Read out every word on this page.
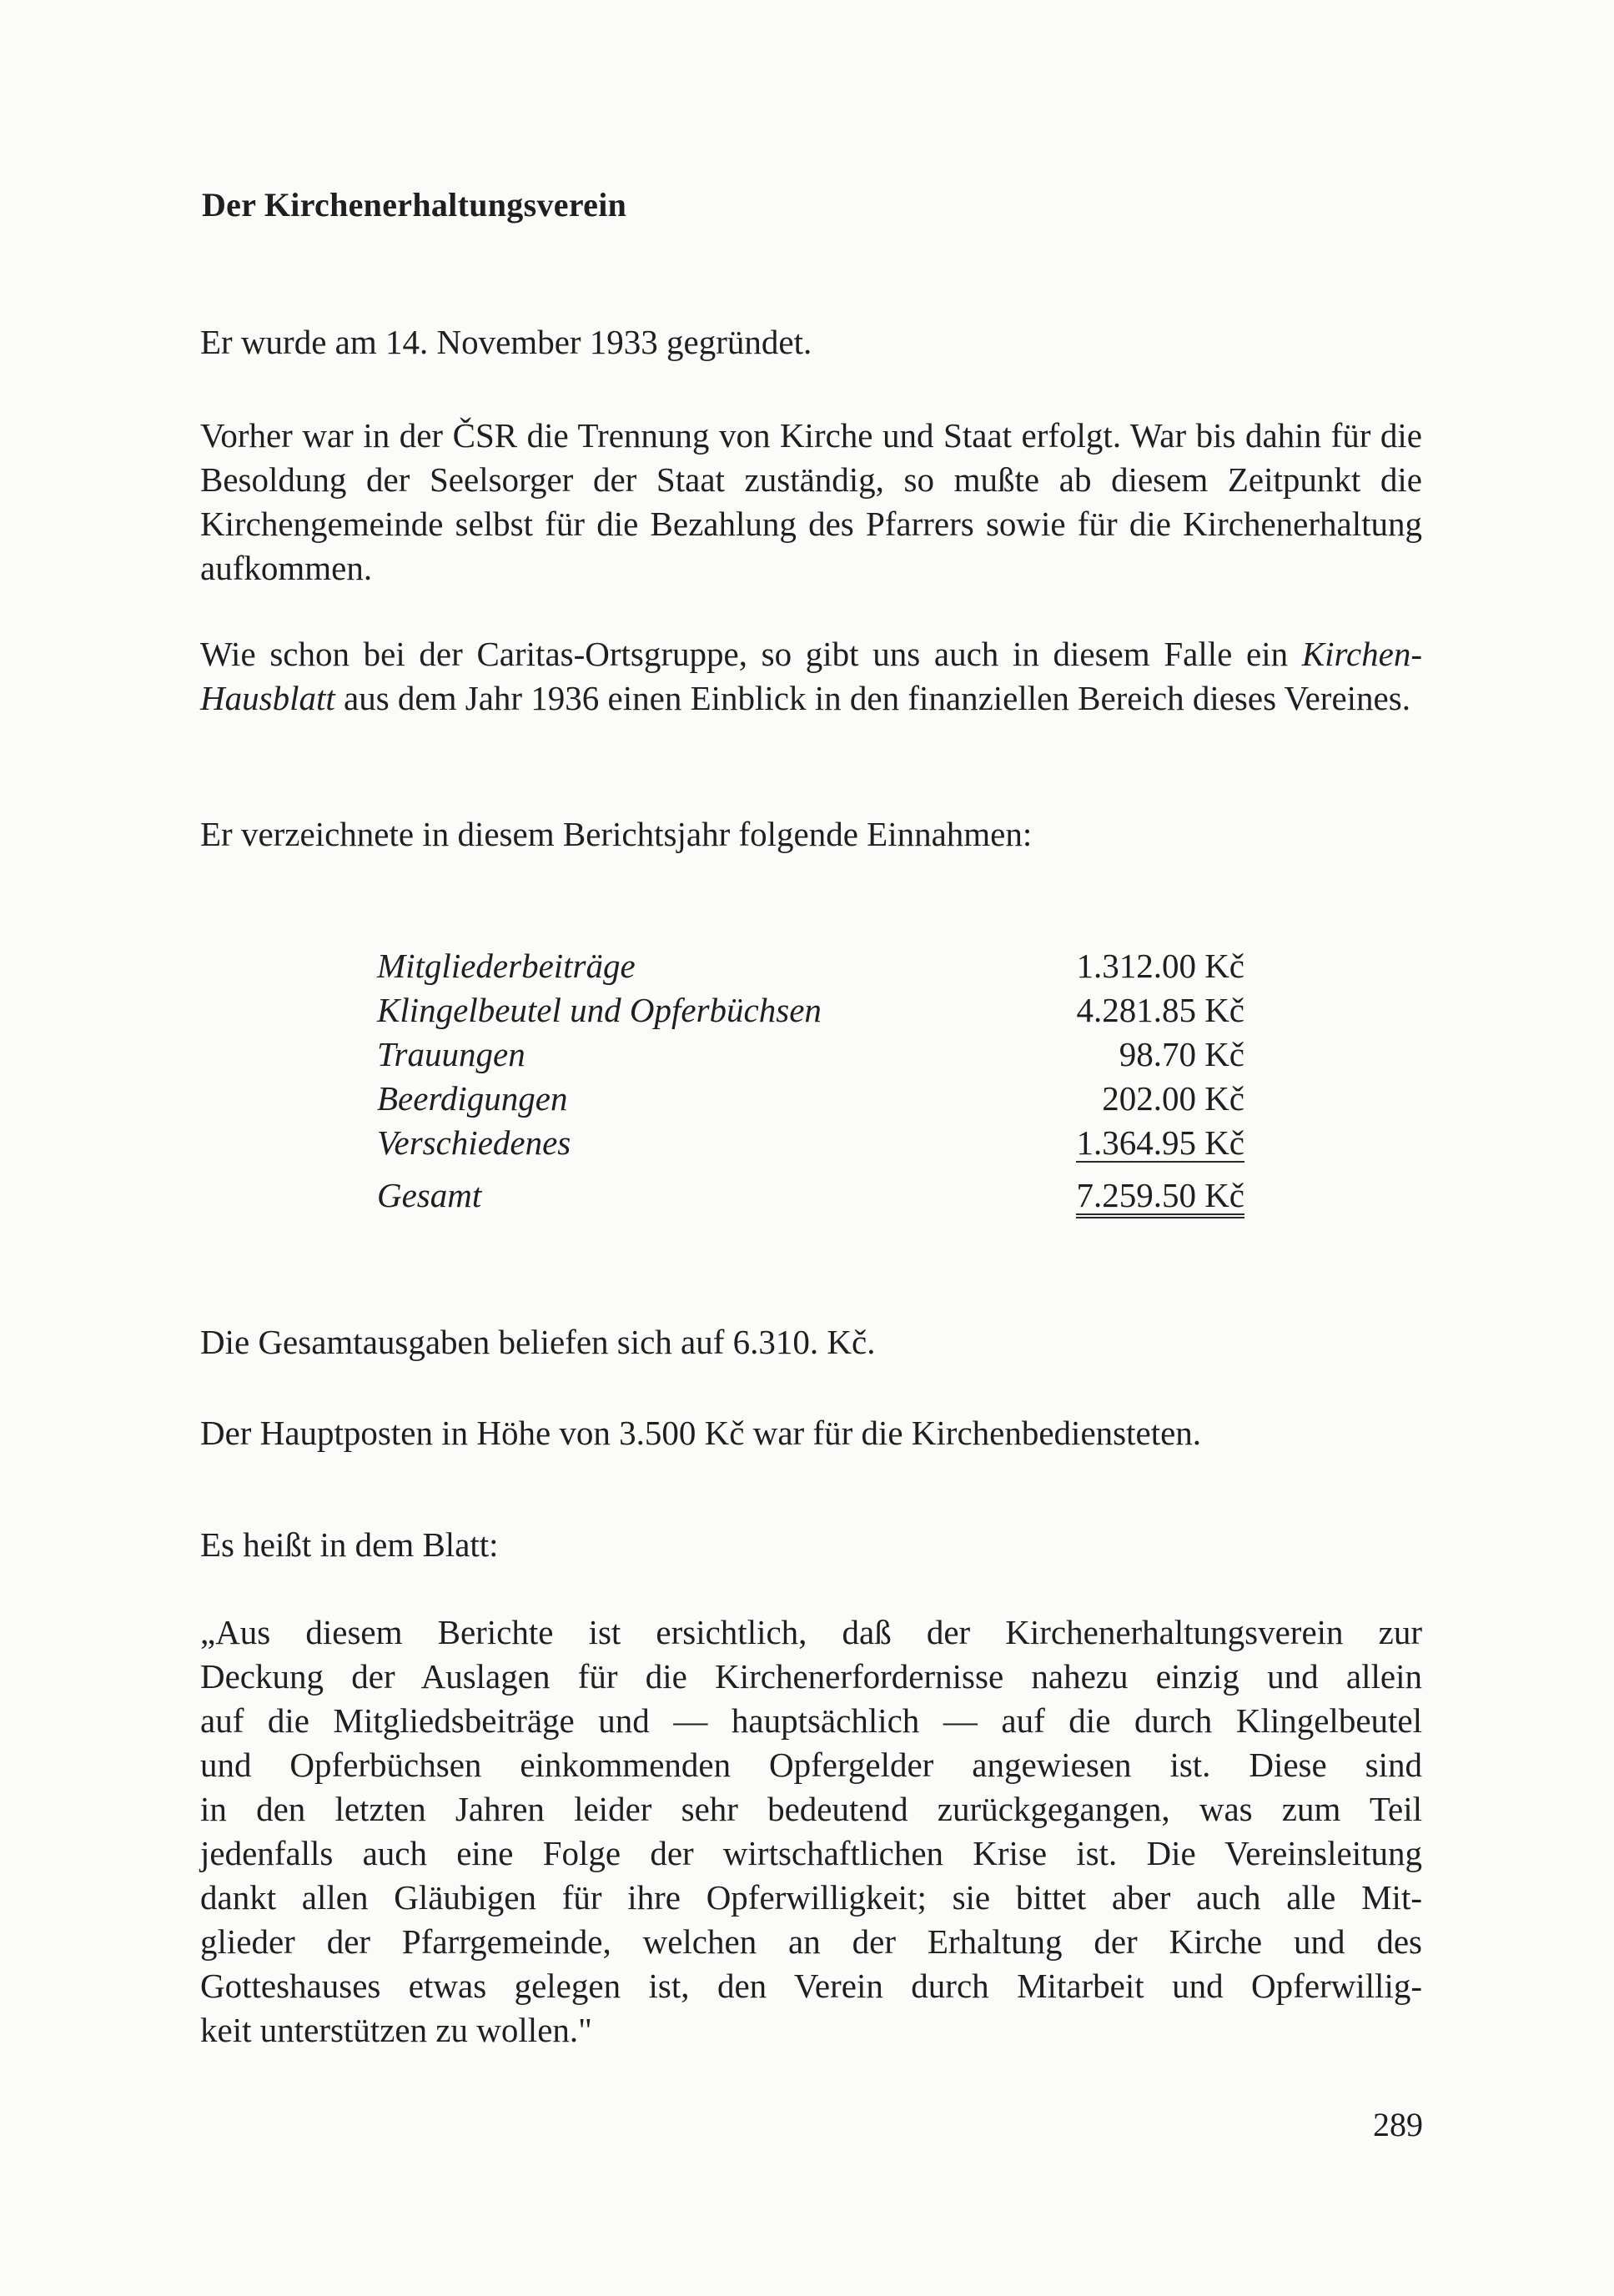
Der Kirchenerhaltungsverein
Er wurde am 14. November 1933 gegründet.
Vorher war in der ČSR die Trennung von Kirche und Staat erfolgt. War bis dahin für die Besoldung der Seelsorger der Staat zuständig, so mußte ab diesem Zeitpunkt die Kirchengemeinde selbst für die Bezahlung des Pfarrers sowie für die Kirchenerhaltung aufkommen.
Wie schon bei der Caritas-Ortsgruppe, so gibt uns auch in diesem Falle ein Kirchen-Hausblatt aus dem Jahr 1936 einen Einblick in den finanziellen Bereich dieses Vereines.
Er verzeichnete in diesem Berichtsjahr folgende Einnahmen:
Mitgliederbeiträge	1.312.00 Kč
Klingelbeutel und Opferbüchsen	4.281.85 Kč
Trauungen	98.70 Kč
Beerdigungen	202.00 Kč
Verschiedenes	1.364.95 Kč
Gesamt	7.259.50 Kč
Die Gesamtausgaben beliefen sich auf 6.310. Kč.
Der Hauptposten in Höhe von 3.500 Kč war für die Kirchenbediensteten.
Es heißt in dem Blatt:
„Aus diesem Berichte ist ersichtlich, daß der Kirchenerhaltungsverein zur
Deckung der Auslagen für die Kirchenerfordernisse nahezu einzig und allein
auf die Mitgliedsbeiträge und — hauptsächlich — auf die durch Klingelbeutel
und Opferbüchsen einkommenden Opfergelder angewiesen ist. Diese sind
in den letzten Jahren leider sehr bedeutend zurückgegangen, was zum Teil
jedenfalls auch eine Folge der wirtschaftlichen Krise ist. Die Vereinsleitung
dankt allen Gläubigen für ihre Opferwilligkeit; sie bittet aber auch alle Mit-
glieder der Pfarrgemeinde, welchen an der Erhaltung der Kirche und des
Gotteshauses etwas gelegen ist, den Verein durch Mitarbeit und Opferwillig-
keit unterstützen zu wollen."
289
